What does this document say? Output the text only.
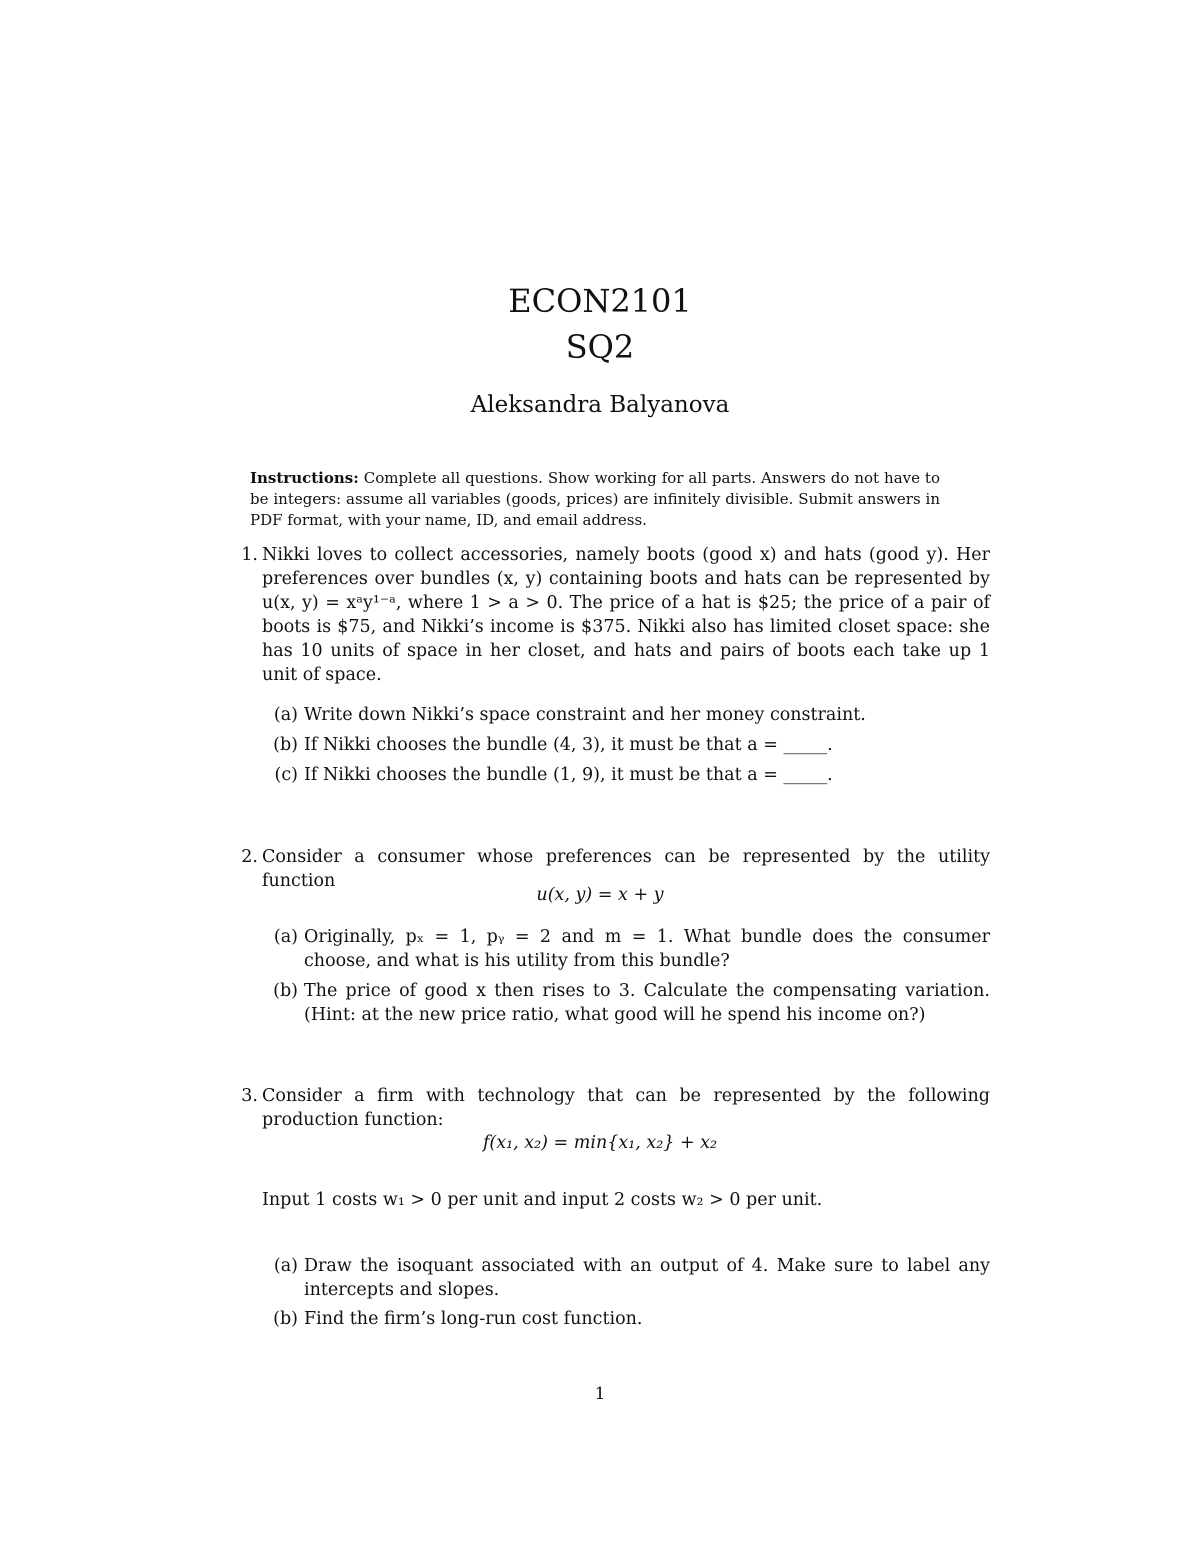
ECON2101
SQ2
Aleksandra Balyanova
Instructions: Complete all questions. Show working for all parts. Answers do not have to be integers: assume all variables (goods, prices) are infinitely divisible. Submit answers in PDF format, with your name, ID, and email address.
1. Nikki loves to collect accessories, namely boots (good x) and hats (good y). Her preferences over bundles (x, y) containing boots and hats can be represented by u(x, y) = xᵃy¹⁻ᵃ, where 1 > a > 0. The price of a hat is $25; the price of a pair of boots is $75, and Nikki’s income is $375. Nikki also has limited closet space: she has 10 units of space in her closet, and hats and pairs of boots each take up 1 unit of space.
(a) Write down Nikki’s space constraint and her money constraint.
(b) If Nikki chooses the bundle (4, 3), it must be that a = _____.
(c) If Nikki chooses the bundle (1, 9), it must be that a = _____.
2. Consider a consumer whose preferences can be represented by the utility function
u(x, y) = x + y
(a) Originally, pₓ = 1, pᵧ = 2 and m = 1. What bundle does the consumer choose, and what is his utility from this bundle?
(b) The price of good x then rises to 3. Calculate the compensating variation. (Hint: at the new price ratio, what good will he spend his income on?)
3. Consider a firm with technology that can be represented by the following production function:
f(x₁, x₂) = min{x₁, x₂} + x₂
Input 1 costs w₁ > 0 per unit and input 2 costs w₂ > 0 per unit.
(a) Draw the isoquant associated with an output of 4. Make sure to label any intercepts and slopes.
(b) Find the firm’s long-run cost function.
1
